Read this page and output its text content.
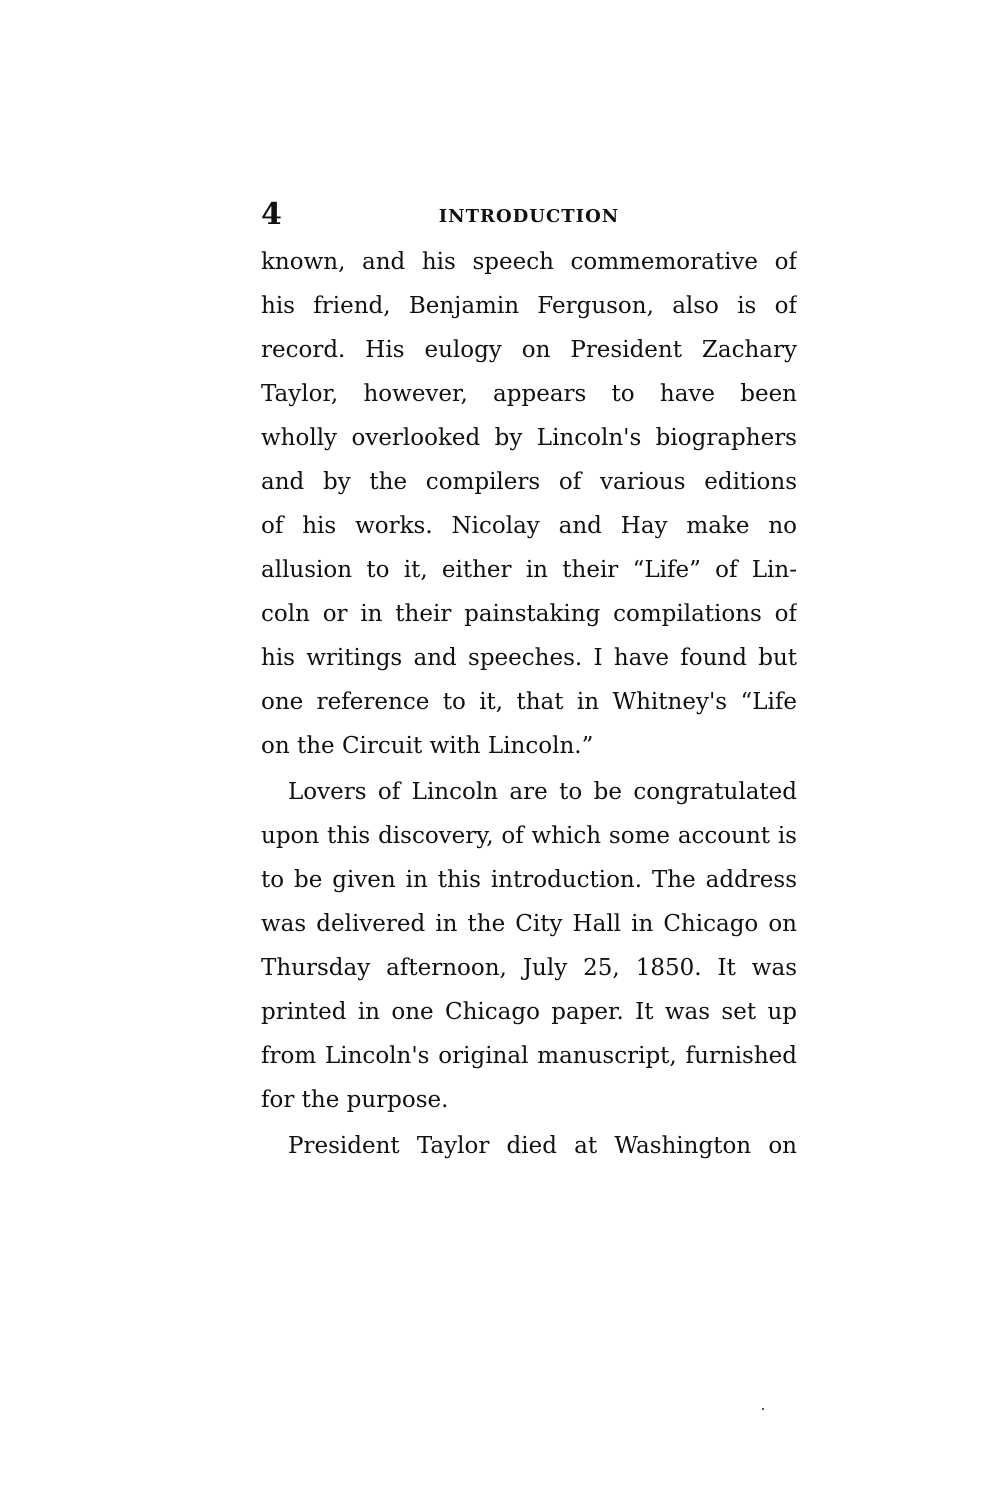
4	INTRODUCTION
known, and his speech commemorative of
his friend, Benjamin Ferguson, also is of
record. His eulogy on President Zachary
Taylor, however, appears to have been
wholly overlooked by Lincoln's biographers
and by the compilers of various editions
of his works. Nicolay and Hay make no
allusion to it, either in their “Life” of Lin-
coln or in their painstaking compilations of
his writings and speeches. I have found but
one reference to it, that in Whitney's “Life
on the Circuit with Lincoln.”
Lovers of Lincoln are to be congratulated
upon this discovery, of which some account is
to be given in this introduction. The address
was delivered in the City Hall in Chicago on
Thursday afternoon, July 25, 1850. It was
printed in one Chicago paper. It was set up
from Lincoln's original manuscript, furnished
for the purpose.
President Taylor died at Washington on
